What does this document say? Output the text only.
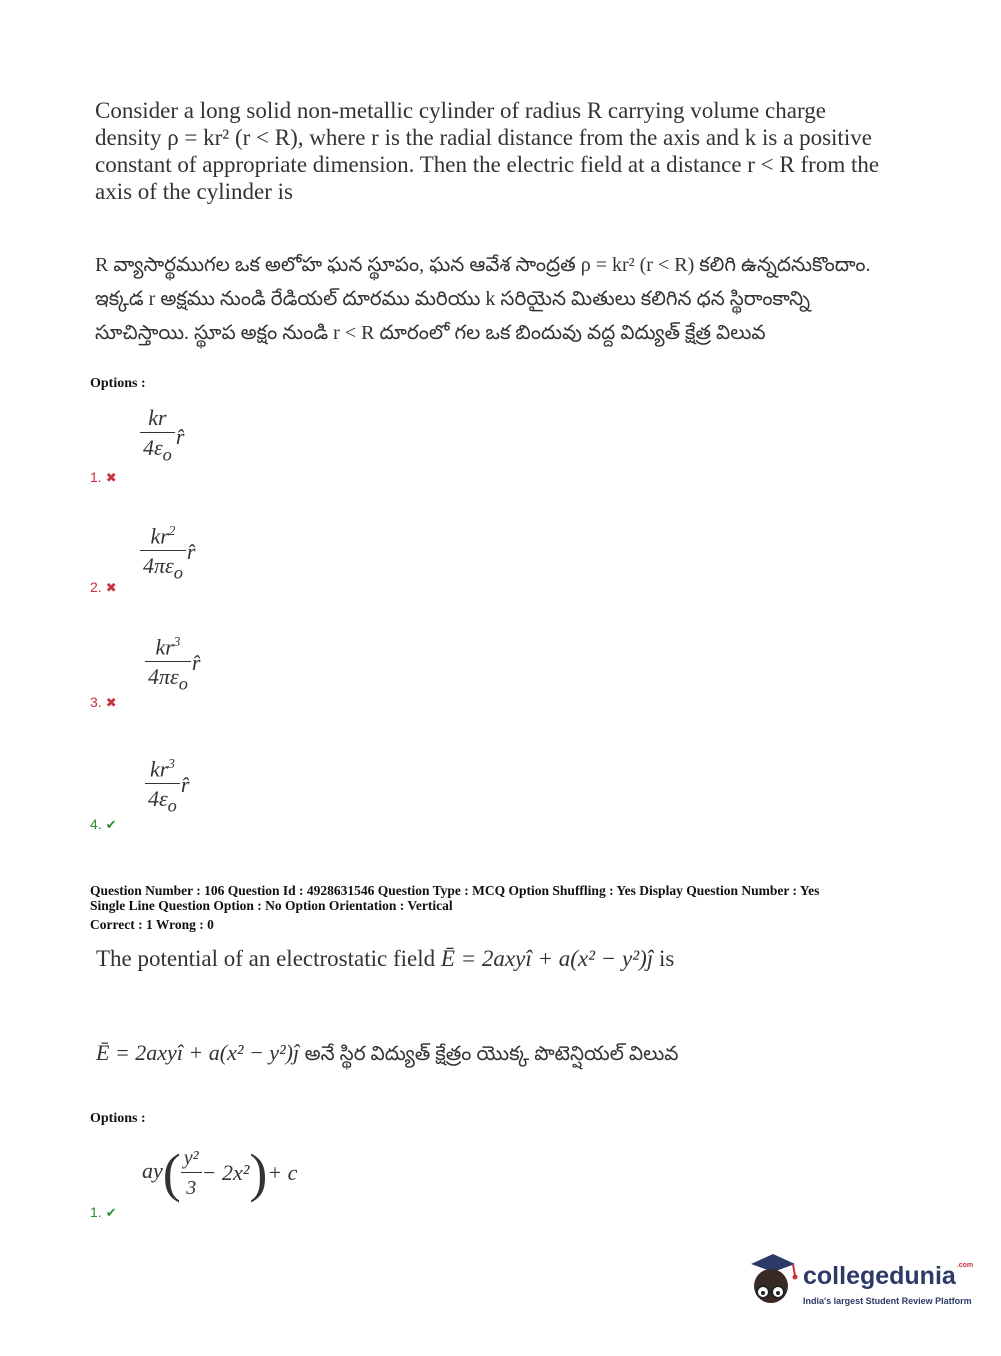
Consider a long solid non-metallic cylinder of radius R carrying volume charge density ρ = kr² (r < R), where r is the radial distance from the axis and k is a positive constant of appropriate dimension. Then the electric field at a distance r < R from the axis of the cylinder is
R వ్యాసార్థముగల ఒక అలోహ ఘన స్థూపం, ఘన ఆవేశ సాంద్రత ρ = kr² (r < R) కలిగి ఉన్నదనుకొందాం. ఇక్కడ r అక్షము నుండి రేడియల్ దూరము మరియు k సరియైన మితులు కలిగిన ధన స్థిరాంకాన్ని సూచిస్తాయి. స్థూప అక్షం నుండి r < R దూరంలో గల ఒక బిందువు వద్ద విద్యుత్ క్షేత్ర విలువ
Options :
$\frac{kr}{4\varepsilon_o}$ r̂
1. ✖
$\frac{kr^2}{4\pi\varepsilon_o}$ r̂
2. ✖
$\frac{kr^3}{4\pi\varepsilon_o}$ r̂
3. ✖
$\frac{kr^3}{4\varepsilon_o}$ r̂
4. ✔
Question Number : 106 Question Id : 4928631546 Question Type : MCQ Option Shuffling : Yes Display Question Number : Yes
Single Line Question Option : No Option Orientation : Vertical
Correct : 1 Wrong : 0
The potential of an electrostatic field Ē = 2axyî + a(x² − y²)ĵ is
Ē = 2axyî + a(x² − y²)ĵ అనే స్థిర విద్యుత్ క్షేత్రం యొక్క పొటెన్షియల్ విలువ
Options :
$ay( \frac{\text{y²}}{3} - 2x^2)+ c$
1. ✔
collegedunia$^{.com}$
India's largest Student Review Platform
